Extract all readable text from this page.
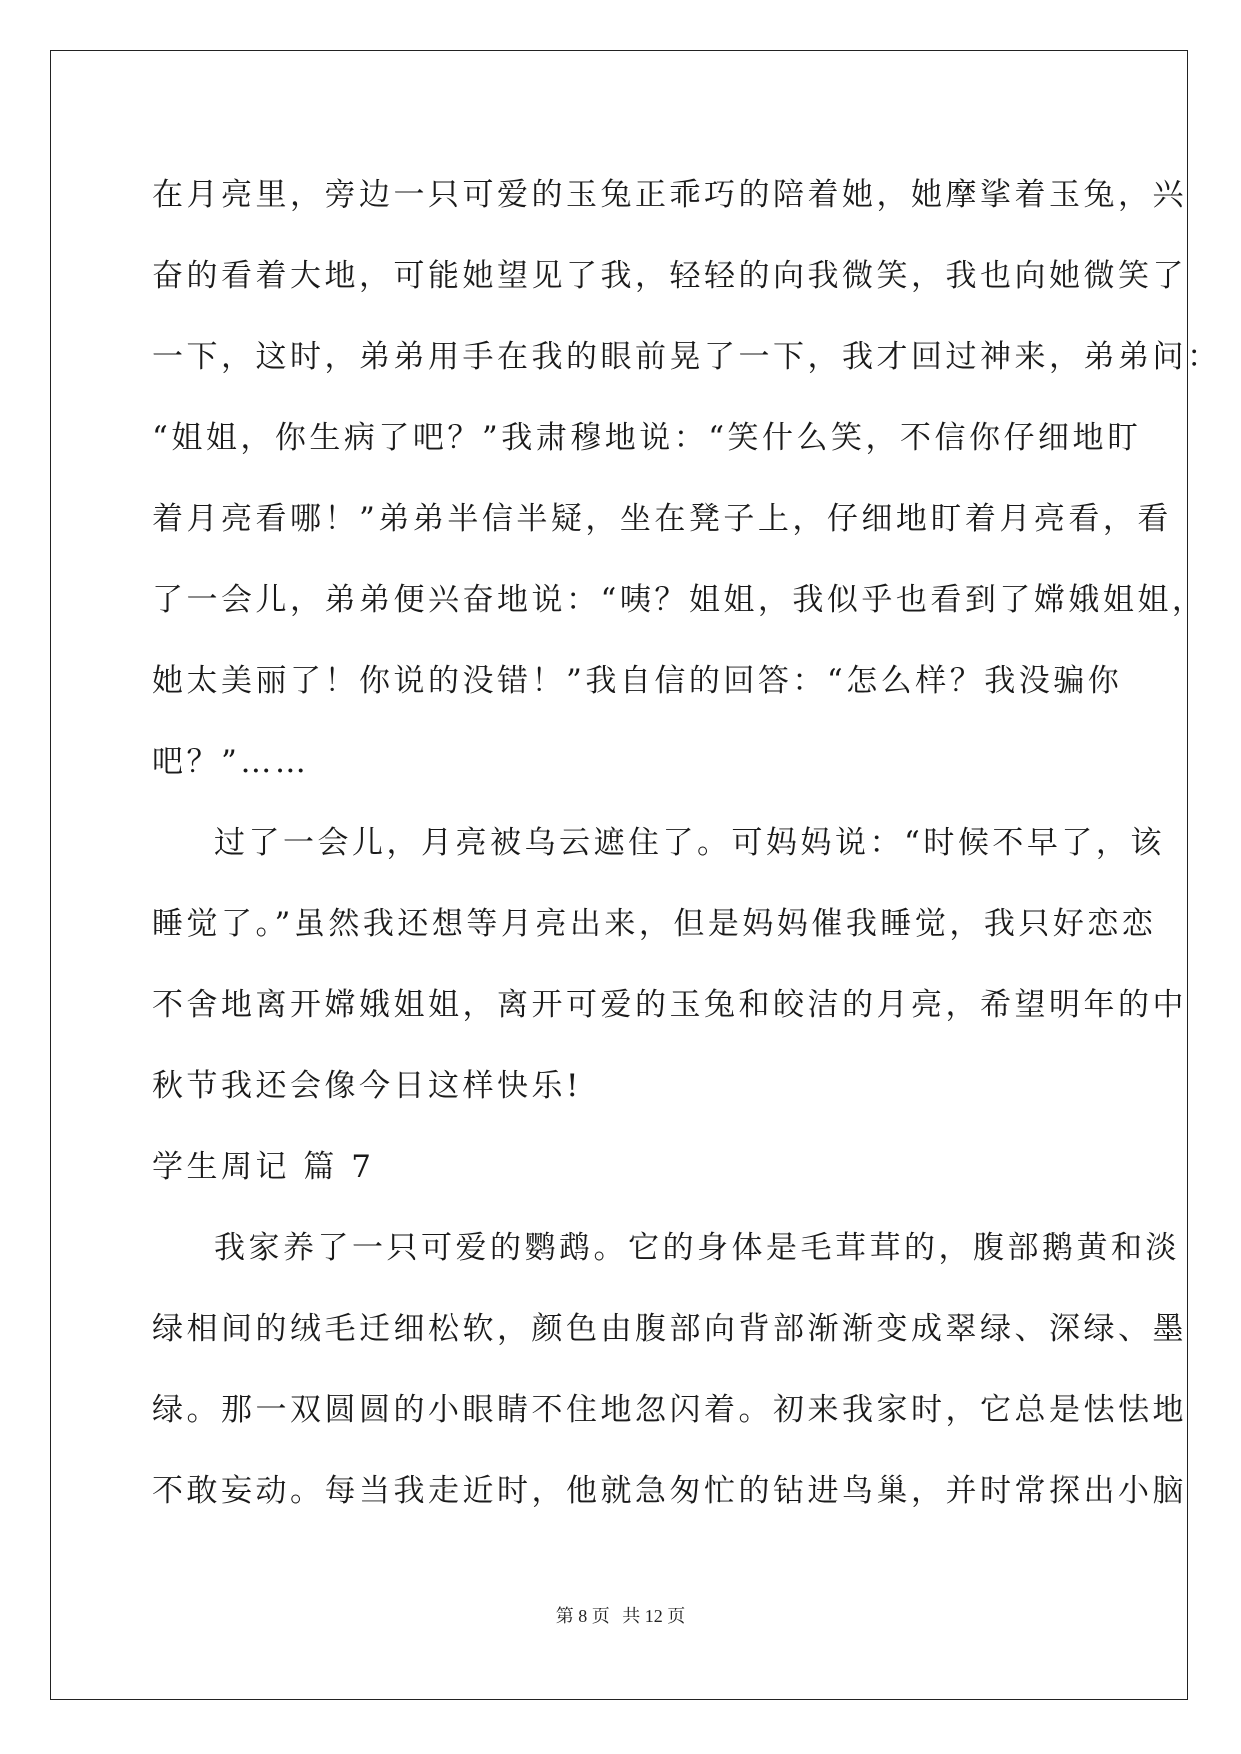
在月亮里，旁边一只可爱的玉兔正乖巧的陪着她，她摩挲着玉兔，兴
奋的看着大地，可能她望见了我，轻轻的向我微笑，我也向她微笑了
一下，这时，弟弟用手在我的眼前晃了一下，我才回过神来，弟弟问：
“姐姐，你生病了吧？”我肃穆地说：“笑什么笑，不信你仔细地盯
着月亮看哪！”弟弟半信半疑，坐在凳子上，仔细地盯着月亮看，看
了一会儿，弟弟便兴奋地说：“咦？姐姐，我似乎也看到了嫦娥姐姐，
她太美丽了！你说的没错！”我自信的回答：“怎么样？我没骗你
吧？”……
过了一会儿，月亮被乌云遮住了。可妈妈说：“时候不早了，该
睡觉了。”虽然我还想等月亮出来，但是妈妈催我睡觉，我只好恋恋
不舍地离开嫦娥姐姐，离开可爱的玉兔和皎洁的月亮，希望明年的中
秋节我还会像今日这样快乐!
学生周记 篇 7
我家养了一只可爱的鹦鹉。它的身体是毛茸茸的，腹部鹅黄和淡
绿相间的绒毛迁细松软，颜色由腹部向背部渐渐变成翠绿、深绿、墨
绿。那一双圆圆的小眼睛不住地忽闪着。初来我家时，它总是怯怯地
不敢妄动。每当我走近时，他就急匆忙的钻进鸟巢，并时常探出小脑
第 8 页 共 12 页
